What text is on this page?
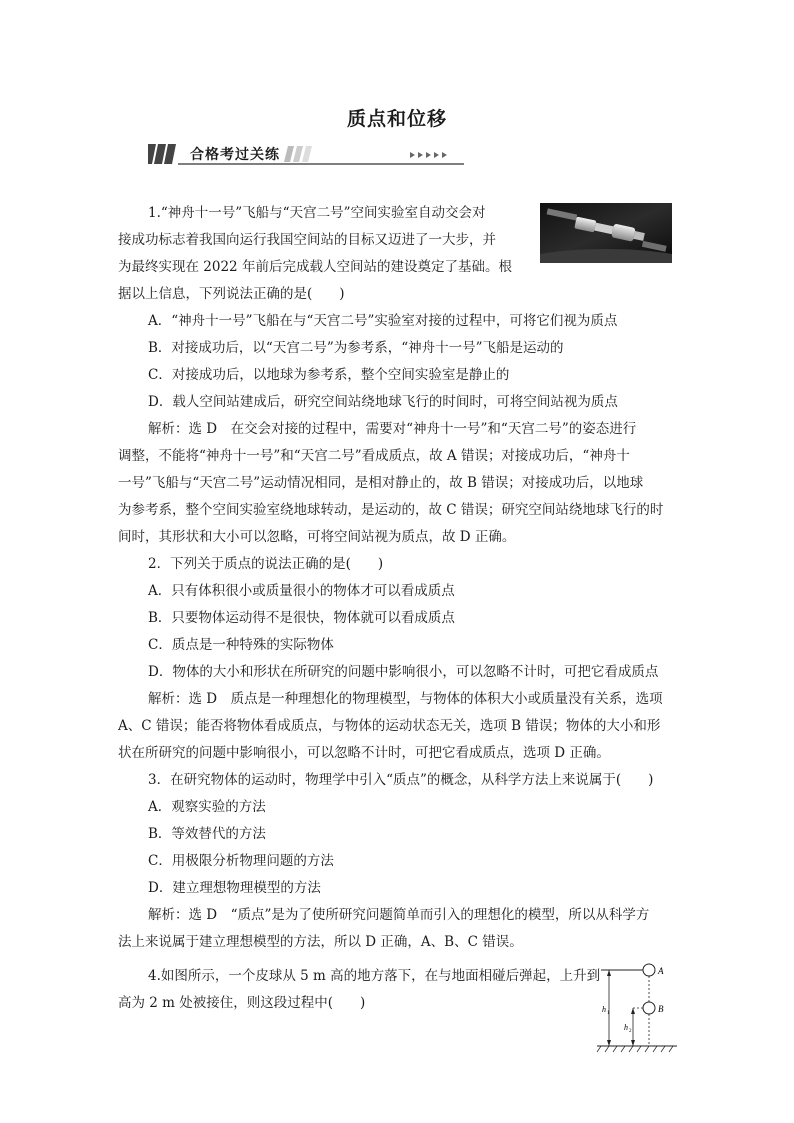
质点和位移
合格考过关练
1.“神舟十一号”飞船与“天宫二号”空间实验室自动交会对
接成功标志着我国向运行我国空间站的目标又迈进了一大步，并
为最终实现在 2022 年前后完成载人空间站的建设奠定了基础。根
据以上信息，下列说法正确的是(　　)
A．“神舟十一号”飞船在与“天宫二号”实验室对接的过程中，可将它们视为质点
B．对接成功后，以“天宫二号”为参考系，“神舟十一号”飞船是运动的
C．对接成功后，以地球为参考系，整个空间实验室是静止的
D．载人空间站建成后，研究空间站绕地球飞行的时间时，可将空间站视为质点
解析：选 D　在交会对接的过程中，需要对“神舟十一号”和“天宫二号”的姿态进行
调整，不能将“神舟十一号”和“天宫二号”看成质点，故 A 错误；对接成功后，“神舟十
一号”飞船与“天宫二号”运动情况相同，是相对静止的，故 B 错误；对接成功后，以地球
为参考系，整个空间实验室绕地球转动，是运动的，故 C 错误；研究空间站绕地球飞行的时
间时，其形状和大小可以忽略，可将空间站视为质点，故 D 正确。
2．下列关于质点的说法正确的是(　　)
A．只有体积很小或质量很小的物体才可以看成质点
B．只要物体运动得不是很快，物体就可以看成质点
C．质点是一种特殊的实际物体
D．物体的大小和形状在所研究的问题中影响很小，可以忽略不计时，可把它看成质点
解析：选 D　质点是一种理想化的物理模型，与物体的体积大小或质量没有关系，选项
A、C 错误；能否将物体看成质点，与物体的运动状态无关，选项 B 错误；物体的大小和形
状在所研究的问题中影响很小，可以忽略不计时，可把它看成质点，选项 D 正确。
3．在研究物体的运动时，物理学中引入“质点”的概念，从科学方法上来说属于(　　)
A．观察实验的方法
B．等效替代的方法
C．用极限分析物理问题的方法
D．建立理想物理模型的方法
解析：选 D　“质点”是为了使所研究问题简单而引入的理想化的模型，所以从科学方
法上来说属于建立理想模型的方法，所以 D 正确，A、B、C 错误。
4.如图所示，一个皮球从 5 m 高的地方落下，在与地面相碰后弹起，上升到
高为 2 m 处被接住，则这段过程中(　　)
A
B
h 1
h 2
